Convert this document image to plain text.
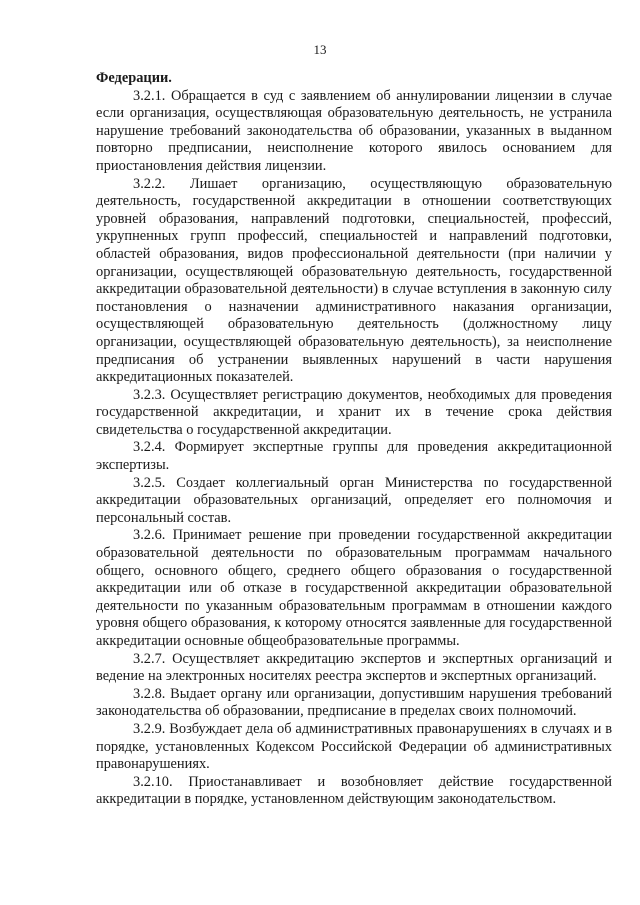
13

Федерации.

3.2.1. Обращается в суд с заявлением об аннулировании лицензии в случае если организация, осуществляющая образовательную деятельность, не устранила нарушение требований законодательства об образовании, указанных в выданном повторно предписании, неисполнение которого явилось основанием для приостановления действия лицензии.

3.2.2. Лишает организацию, осуществляющую образовательную деятельность, государственной аккредитации в отношении соответствующих уровней образования, направлений подготовки, специальностей, профессий, укрупненных групп профессий, специальностей и направлений подготовки, областей образования, видов профессиональной деятельности (при наличии у организации, осуществляющей образовательную деятельность, государственной аккредитации образовательной деятельности) в случае вступления в законную силу постановления о назначении административного наказания организации, осуществляющей образовательную деятельность (должностному лицу организации, осуществляющей образовательную деятельность), за неисполнение предписания об устранении выявленных нарушений в части нарушения аккредитационных показателей.

3.2.3. Осуществляет регистрацию документов, необходимых для проведения государственной аккредитации, и хранит их в течение срока действия свидетельства о государственной аккредитации.

3.2.4. Формирует экспертные группы для проведения аккредитационной экспертизы.

3.2.5. Создает коллегиальный орган Министерства по государственной аккредитации образовательных организаций, определяет его полномочия и персональный состав.

3.2.6. Принимает решение при проведении государственной аккредитации образовательной деятельности по образовательным программам начального общего, основного общего, среднего общего образования о государственной аккредитации или об отказе в государственной аккредитации образовательной деятельности по указанным образовательным программам в отношении каждого уровня общего образования, к которому относятся заявленные для государственной аккредитации основные общеобразовательные программы.

3.2.7. Осуществляет аккредитацию экспертов и экспертных организаций и ведение на электронных носителях реестра экспертов и экспертных организаций.

3.2.8. Выдает органу или организации, допустившим нарушения требований законодательства об образовании, предписание в пределах своих полномочий.

3.2.9. Возбуждает дела об административных правонарушениях в случаях и в порядке, установленных Кодексом Российской Федерации об административных правонарушениях.

3.2.10. Приостанавливает и возобновляет действие государственной аккредитации в порядке, установленном действующим законодательством.
